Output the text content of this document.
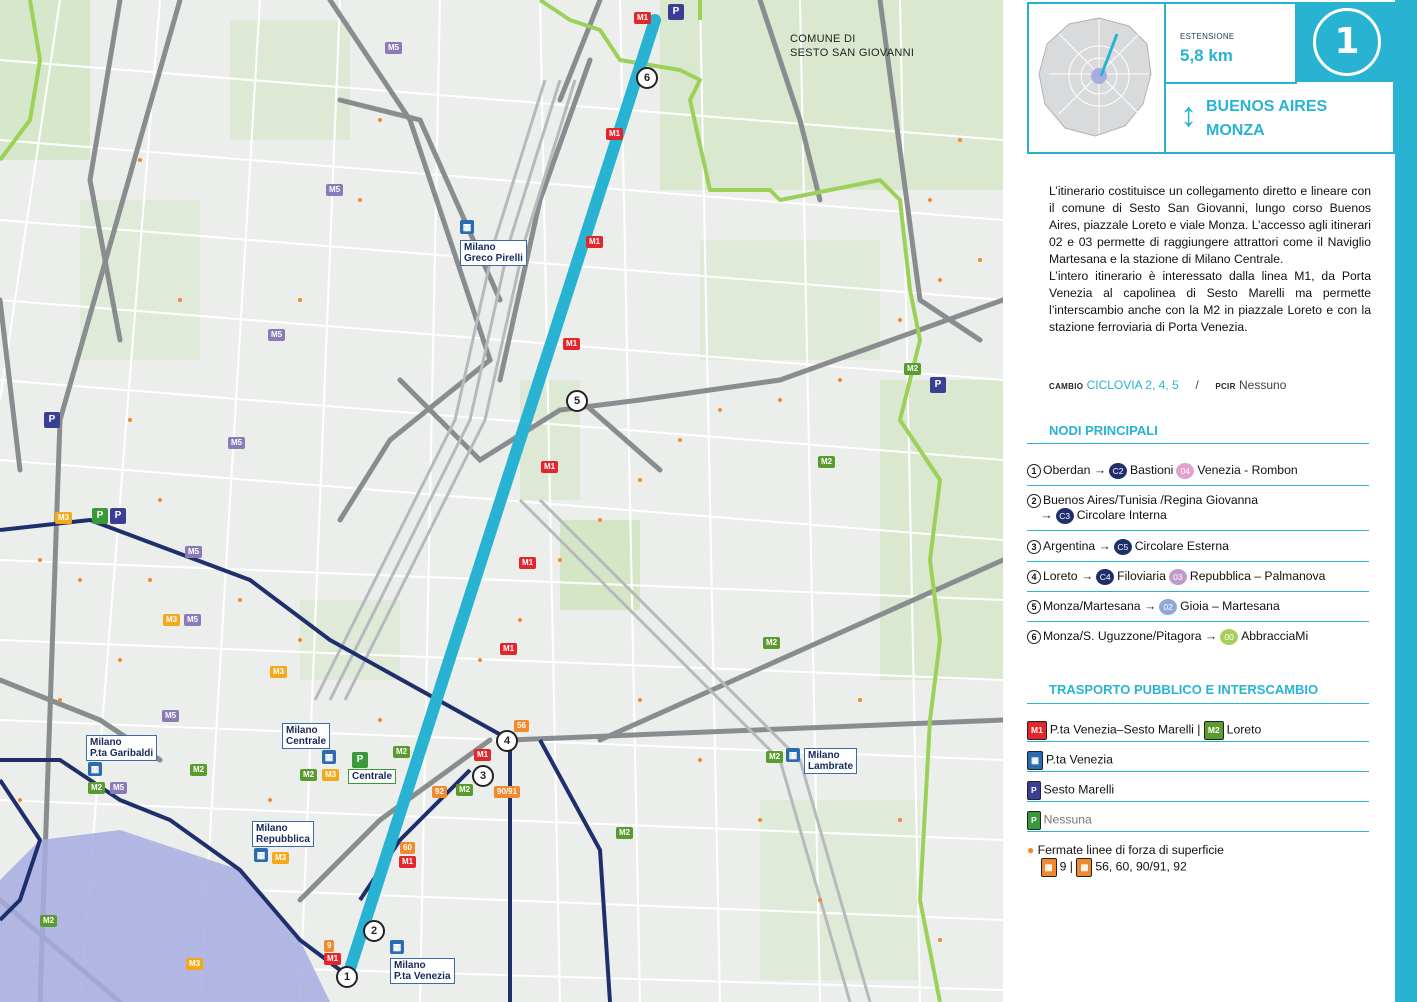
COMUNE DI
SESTO SAN GIOVANNI
M1
M1
M1
M1
M1
M1
M1
M1
M1
M1
M2
M2
M2
M2
M2
M2
M2
M2
M2
M2
M2
M3
M3
M3
M3
M3
M3
M5
M5
M5
M5
M5
M5
M5
M5
P
P
P
P
P
P
▦
▦
▦
▦
▦
▦
Milano
Greco Pirelli
Milano
P.ta Garibaldi
Milano
Centrale
Milano
Repubblica
Milano
P.ta Venezia
Milano
Lambrate
Centrale
56
92	90/91
60
9
1
2
3
4
5
6
ESTENSIONE
5,8 km	1
↕ BUENOS AIRES
MONZA

L’itinerario costituisce un collegamento diretto e lineare con il comune di Sesto San Giovanni, lungo corso Buenos Aires, piazzale Loreto e viale Monza. L’accesso agli itinerari 02 e 03 permette di raggiungere attrattori come il Naviglio Martesana e la stazione di Milano Centrale.

L’intero itinerario è interessato dalla linea M1, da Porta Venezia al capolinea di Sesto Marelli ma permette l’interscambio anche con la M2 in piazzale Loreto e con la stazione ferroviaria di Porta Venezia.

CAMBIO CICLOVIA 2, 4, 5 / PCIR Nessuno
NODI PRINCIPALI
1 Oberdan → C2 Bastioni 04 Venezia - Rombon
2 Buenos Aires/Tunisia /Regina Giovanna
→ C3 Circolare Interna
3 Argentina → C5 Circolare Esterna
4 Loreto → C4 Filoviaria 03 Repubblica – Palmanova
5 Monza/Martesana → 02 Gioia – Martesana
6 Monza/S. Uguzzone/Pitagora → 00 AbbracciaMi
TRASPORTO PUBBLICO E INTERSCAMBIO
M1 P.ta Venezia–Sesto Marelli | M2 Loreto
▦ P.ta Venezia
P Sesto Marelli
P Nessuna
● Fermate linee di forza di superficie
▦ 9 | ▦ 56, 60, 90/91, 92
